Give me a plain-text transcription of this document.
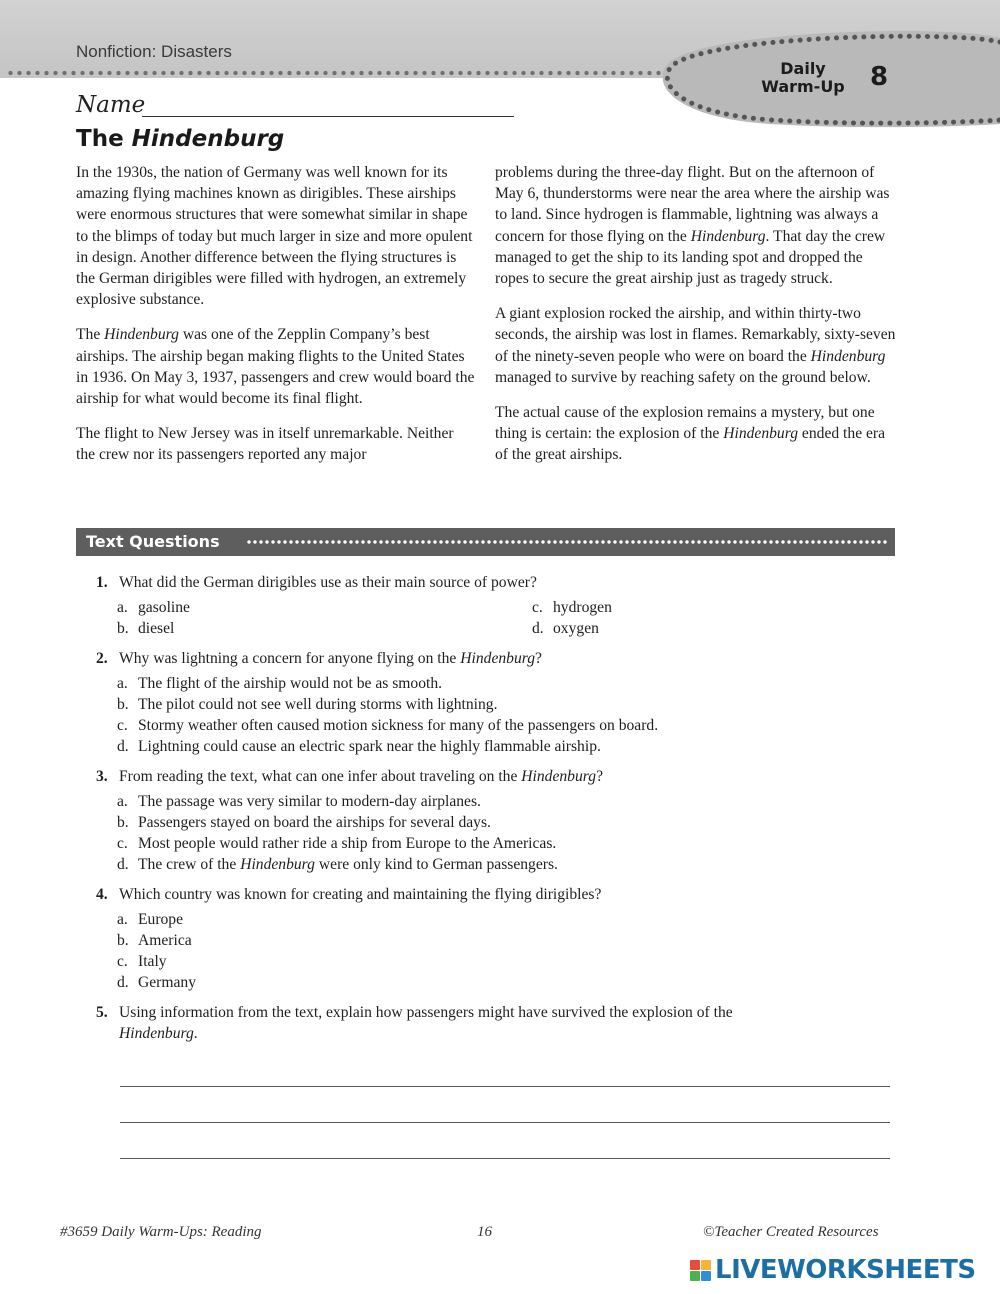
Nonfiction: Disasters
Daily
Warm-Up 8
Name
The Hindenburg

In the 1930s, the nation of Germany was well known for its amazing flying machines known as dirigibles. These airships were enormous structures that were somewhat similar in shape to the blimps of today but much larger in size and more opulent in design. Another difference between the flying structures is the German dirigibles were filled with hydrogen, an extremely explosive substance.

The Hindenburg was one of the Zepplin Company’s best airships. The airship began making flights to the United States in 1936. On May 3, 1937, passengers and crew would board the airship for what would become its final flight.

The flight to New Jersey was in itself unremarkable. Neither the crew nor its passengers reported any major

problems during the three-day flight. But on the afternoon of May 6, thunderstorms were near the area where the airship was to land. Since hydrogen is flammable, lightning was always a concern for those flying on the Hindenburg. That day the crew managed to get the ship to its landing spot and dropped the ropes to secure the great airship just as tragedy struck.

A giant explosion rocked the airship, and within thirty-two seconds, the airship was lost in flames. Remarkably, sixty-seven of the ninety-seven people who were on board the Hindenburg managed to survive by reaching safety on the ground below.

The actual cause of the explosion remains a mystery, but one thing is certain: the explosion of the Hindenburg ended the era of the great airships.

Text Questions
1. What did the German dirigibles use as their main source of power?
a. gasoline	c. hydrogen
b. diesel	d. oxygen
2. Why was lightning a concern for anyone flying on the Hindenburg?
a. The flight of the airship would not be as smooth.
b. The pilot could not see well during storms with lightning.
c. Stormy weather often caused motion sickness for many of the passengers on board.
d. Lightning could cause an electric spark near the highly flammable airship.
3. From reading the text, what can one infer about traveling on the Hindenburg?
a. The passage was very similar to modern-day airplanes.
b. Passengers stayed on board the airships for several days.
c. Most people would rather ride a ship from Europe to the Americas.
d. The crew of the Hindenburg were only kind to German passengers.
4. Which country was known for creating and maintaining the flying dirigibles?
a. Europe
b. America
c. Italy
d. Germany
5. Using information from the text, explain how passengers might have survived the explosion of the Hindenburg.
#3659 Daily Warm-Ups: Reading	16	©Teacher Created Resources
LIVEWORKSHEETS
